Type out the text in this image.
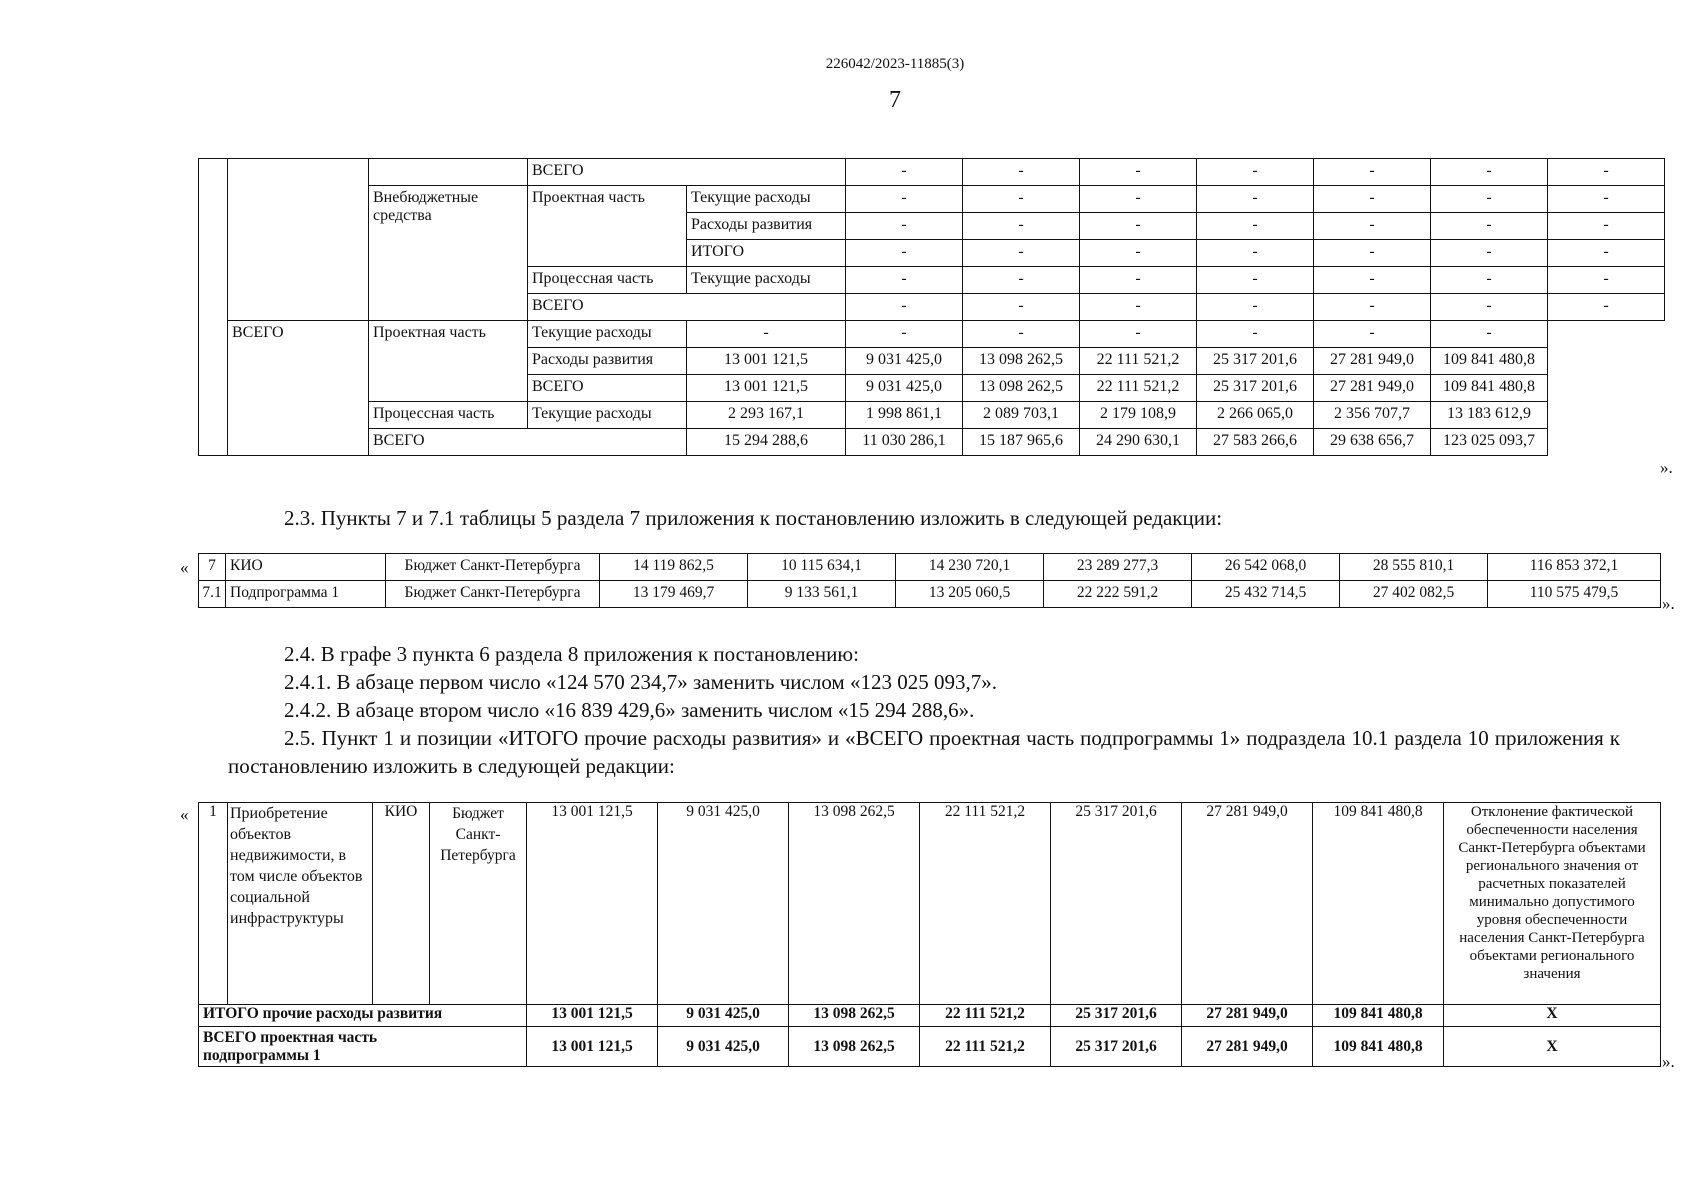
226042/2023-11885(3)
7
			ВСЕГО		-	-	-	-	-	-	-
		Внебюджетные средства	Проектная часть	Текущие расходы	-	-	-	-	-	-	-
				Расходы развития	-	-	-	-	-	-	-
				ИТОГО	-	-	-	-	-	-	-
			Процессная часть	Текущие расходы	-	-	-	-	-	-	-
			ВСЕГО		-	-	-	-	-	-	-
	ВСЕГО	Проектная часть	Текущие расходы	-	-	-	-	-	-	-	
			Расходы развития	13 001 121,5	9 031 425,0	13 098 262,5	22 111 521,2	25 317 201,6	27 281 949,0	109 841 480,8	
			ВСЕГО	13 001 121,5	9 031 425,0	13 098 262,5	22 111 521,2	25 317 201,6	27 281 949,0	109 841 480,8	
		Процессная часть	Текущие расходы	2 293 167,1	1 998 861,1	2 089 703,1	2 179 108,9	2 266 065,0	2 356 707,7	13 183 612,9	
		ВСЕГО		15 294 288,6	11 030 286,1	15 187 965,6	24 290 630,1	27 583 266,6	29 638 656,7	123 025 093,7	
».
2.3. Пункты 7 и 7.1 таблицы 5 раздела 7 приложения к постановлению изложить в следующей редакции:
« 7	КИО	Бюджет Санкт-Петербурга	14 119 862,5	10 115 634,1	14 230 720,1	23 289 277,3	26 542 068,0	28 555 810,1	116 853 372,1
7.1	Подпрограмма 1	Бюджет Санкт-Петербурга	13 179 469,7	9 133 561,1	13 205 060,5	22 222 591,2	25 432 714,5	27 402 082,5	110 575 479,5
».
2.4. В графе 3 пункта 6 раздела 8 приложения к постановлению:
2.4.1. В абзаце первом число «124 570 234,7» заменить числом «123 025 093,7».
2.4.2. В абзаце втором число «16 839 429,6» заменить числом «15 294 288,6».
2.5. Пункт 1 и позиции «ИТОГО прочие расходы развития» и «ВСЕГО проектная часть подпрограммы 1» подраздела 10.1 раздела 10 приложения к постановлению изложить в следующей редакции:
« 1	Приобретение объектов недвижимости, в том числе объектов социальной инфраструктуры	КИО	Бюджет Санкт-Петербурга	13 001 121,5	9 031 425,0	13 098 262,5	22 111 521,2	25 317 201,6	27 281 949,0	109 841 480,8	Отклонение фактической обеспеченности населения Санкт-Петербурга объектами регионального значения от расчетных показателей минимально допустимого уровня обеспеченности населения Санкт-Петербурга объектами регионального значения
ИТОГО прочие расходы развития				13 001 121,5	9 031 425,0	13 098 262,5	22 111 521,2	25 317 201,6	27 281 949,0	109 841 480,8	Х

ВСЕГО проектная часть подпрограммы 1				13 001 121,5	9 031 425,0	13 098 262,5	22 111 521,2	25 317 201,6	27 281 949,0	109 841 480,8	Х
».
